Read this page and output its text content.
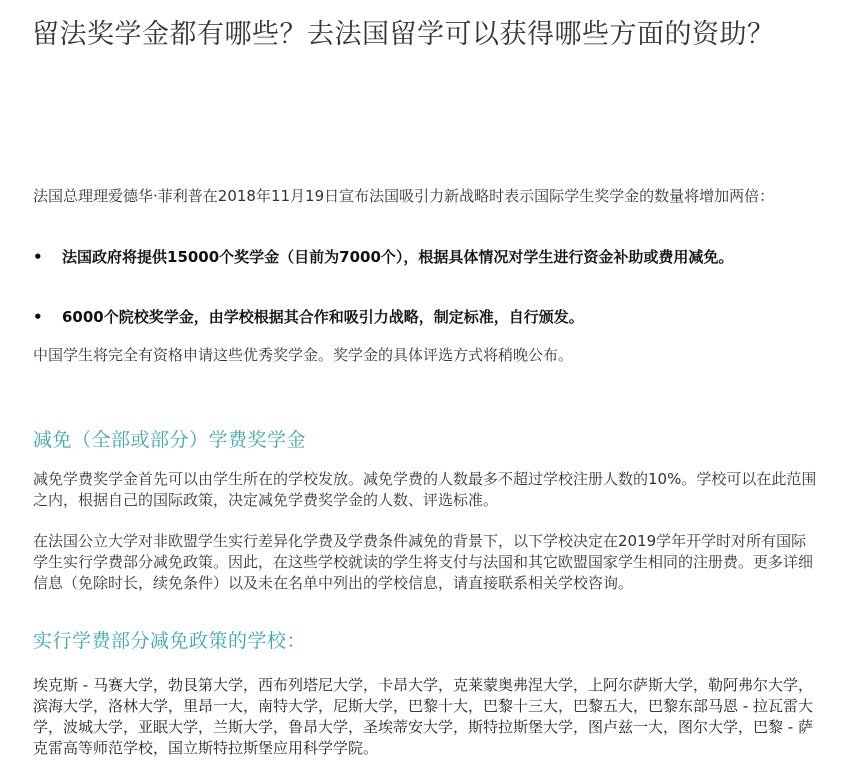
留法奖学金都有哪些？去法国留学可以获得哪些方面的资助？

法国总理理爱德华·菲利普在2018年11月19日宣布法国吸引力新战略时表示国际学生奖学金的数量将增加两倍：

•	法国政府将提供15000个奖学金（目前为7000个），根据具体情况对学生进行资金补助或费用减免。
•	6000个院校奖学金，由学校根据其合作和吸引力战略，制定标准，自行颁发。

中国学生将完全有资格申请这些优秀奖学金。奖学金的具体评选方式将稍晚公布。

减免（全部或部分）学费奖学金

减免学费奖学金首先可以由学生所在的学校发放。减免学费的人数最多不超过学校注册人数的10%。学校可以在此范围之内，根据自己的国际政策，决定减免学费奖学金的人数、评选标准。

在法国公立大学对非欧盟学生实行差异化学费及学费条件减免的背景下，以下学校决定在2019学年开学时对所有国际学生实行学费部分减免政策。因此，在这些学校就读的学生将支付与法国和其它欧盟国家学生相同的注册费。更多详细信息（免除时长，续免条件）以及未在名单中列出的学校信息，请直接联系相关学校咨询。

实行学费部分减免政策的学校：

埃克斯 - 马赛大学，勃艮第大学，西布列塔尼大学，卡昂大学，克莱蒙奥弗涅大学，上阿尔萨斯大学，勒阿弗尔大学，滨海大学，洛林大学，里昂一大，南特大学，尼斯大学，巴黎十大，巴黎十三大，巴黎五大，巴黎东部马恩 - 拉瓦雷大学，波城大学，亚眠大学，兰斯大学，鲁昂大学，圣埃蒂安大学，斯特拉斯堡大学，图卢兹一大，图尔大学，巴黎 - 萨克雷高等师范学校，国立斯特拉斯堡应用科学学院。
